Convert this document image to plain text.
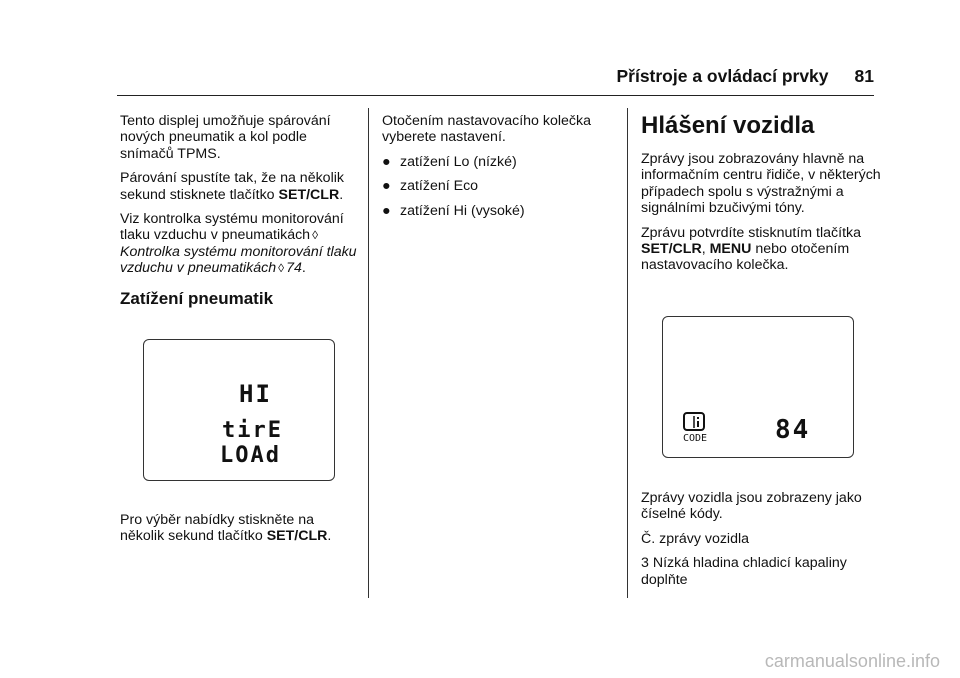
Přístroje a ovládací prvky 81

Tento displej umožňuje spárování nových pneumatik a kol podle snímačů TPMS.

Párování spustíte tak, že na několik sekund stisknete tlačítko SET/CLR.

Viz kontrolka systému monitorování tlaku vzduchu v pneumatikách ◊
Kontrolka systému monitorování tlaku vzduchu v pneumatikách ◊ 74.

Zatížení pneumatik
HI
tirE
LOAd

Pro výběr nabídky stiskněte na několik sekund tlačítko SET/CLR.

Otočením nastavovacího kolečka vyberete nastavení.

● zatížení Lo (nízké)
● zatížení Eco
● zatížení Hi (vysoké)
Hlášení vozidla

Zprávy jsou zobrazovány hlavně na informačním centru řidiče, v některých případech spolu s výstražnými a signálními bzučivými tóny.

Zprávu potvrdíte stisknutím tlačítka SET/CLR, MENU nebo otočením nastavovacího kolečka.

CODE	84

Zprávy vozidla jsou zobrazeny jako číselné kódy.

Č. zprávy vozidla

3 Nízká hladina chladicí kapaliny doplňte

carmanualsonline.info
